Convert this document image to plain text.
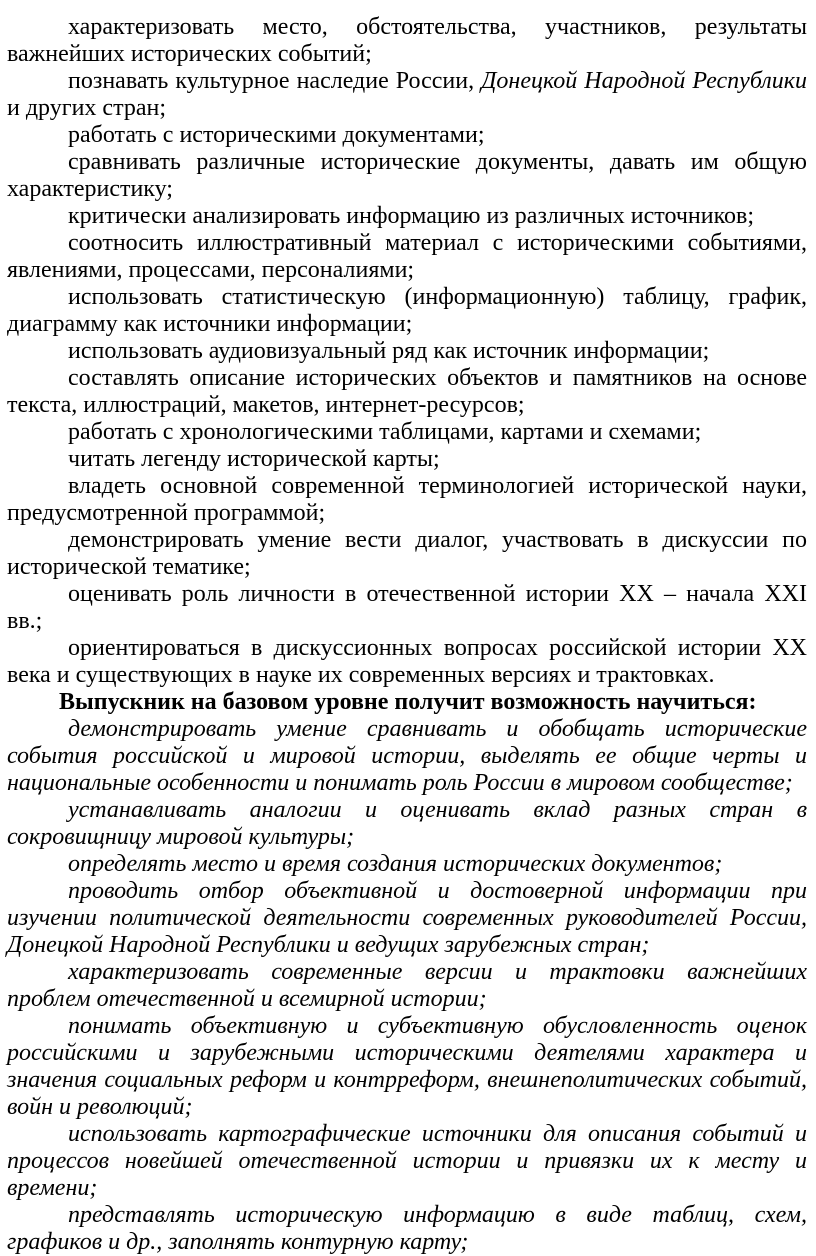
характеризовать место, обстоятельства, участников, результаты важнейших исторических событий;

познавать культурное наследие России, Донецкой Народной Республики и других стран;

работать с историческими документами;

сравнивать различные исторические документы, давать им общую характеристику;

критически анализировать информацию из различных источников;

соотносить иллюстративный материал с историческими событиями, явлениями, процессами, персоналиями;

использовать статистическую (информационную) таблицу, график, диаграмму как источники информации;

использовать аудиовизуальный ряд как источник информации;

составлять описание исторических объектов и памятников на основе текста, иллюстраций, макетов, интернет-ресурсов;

работать с хронологическими таблицами, картами и схемами;

читать легенду исторической карты;

владеть основной современной терминологией исторической науки, предусмотренной программой;

демонстрировать умение вести диалог, участвовать в дискуссии по исторической тематике;

оценивать роль личности в отечественной истории XX – начала XXI вв.;

ориентироваться в дискуссионных вопросах российской истории XX века и существующих в науке их современных версиях и трактовках.

Выпускник на базовом уровне получит возможность научиться:

демонстрировать умение сравнивать и обобщать исторические события российской и мировой истории, выделять ее общие черты и национальные особенности и понимать роль России в мировом сообществе;

устанавливать аналогии и оценивать вклад разных стран в сокровищницу мировой культуры;

определять место и время создания исторических документов;

проводить отбор объективной и достоверной информации при изучении политической деятельности современных руководителей России, Донецкой Народной Республики и ведущих зарубежных стран;

характеризовать современные версии и трактовки важнейших проблем отечественной и всемирной истории;

понимать объективную и субъективную обусловленность оценок российскими и зарубежными историческими деятелями характера и значения социальных реформ и контрреформ, внешнеполитических событий, войн и революций;

использовать картографические источники для описания событий и процессов новейшей отечественной истории и привязки их к месту и времени;

представлять историческую информацию в виде таблиц, схем, графиков и др., заполнять контурную карту;
